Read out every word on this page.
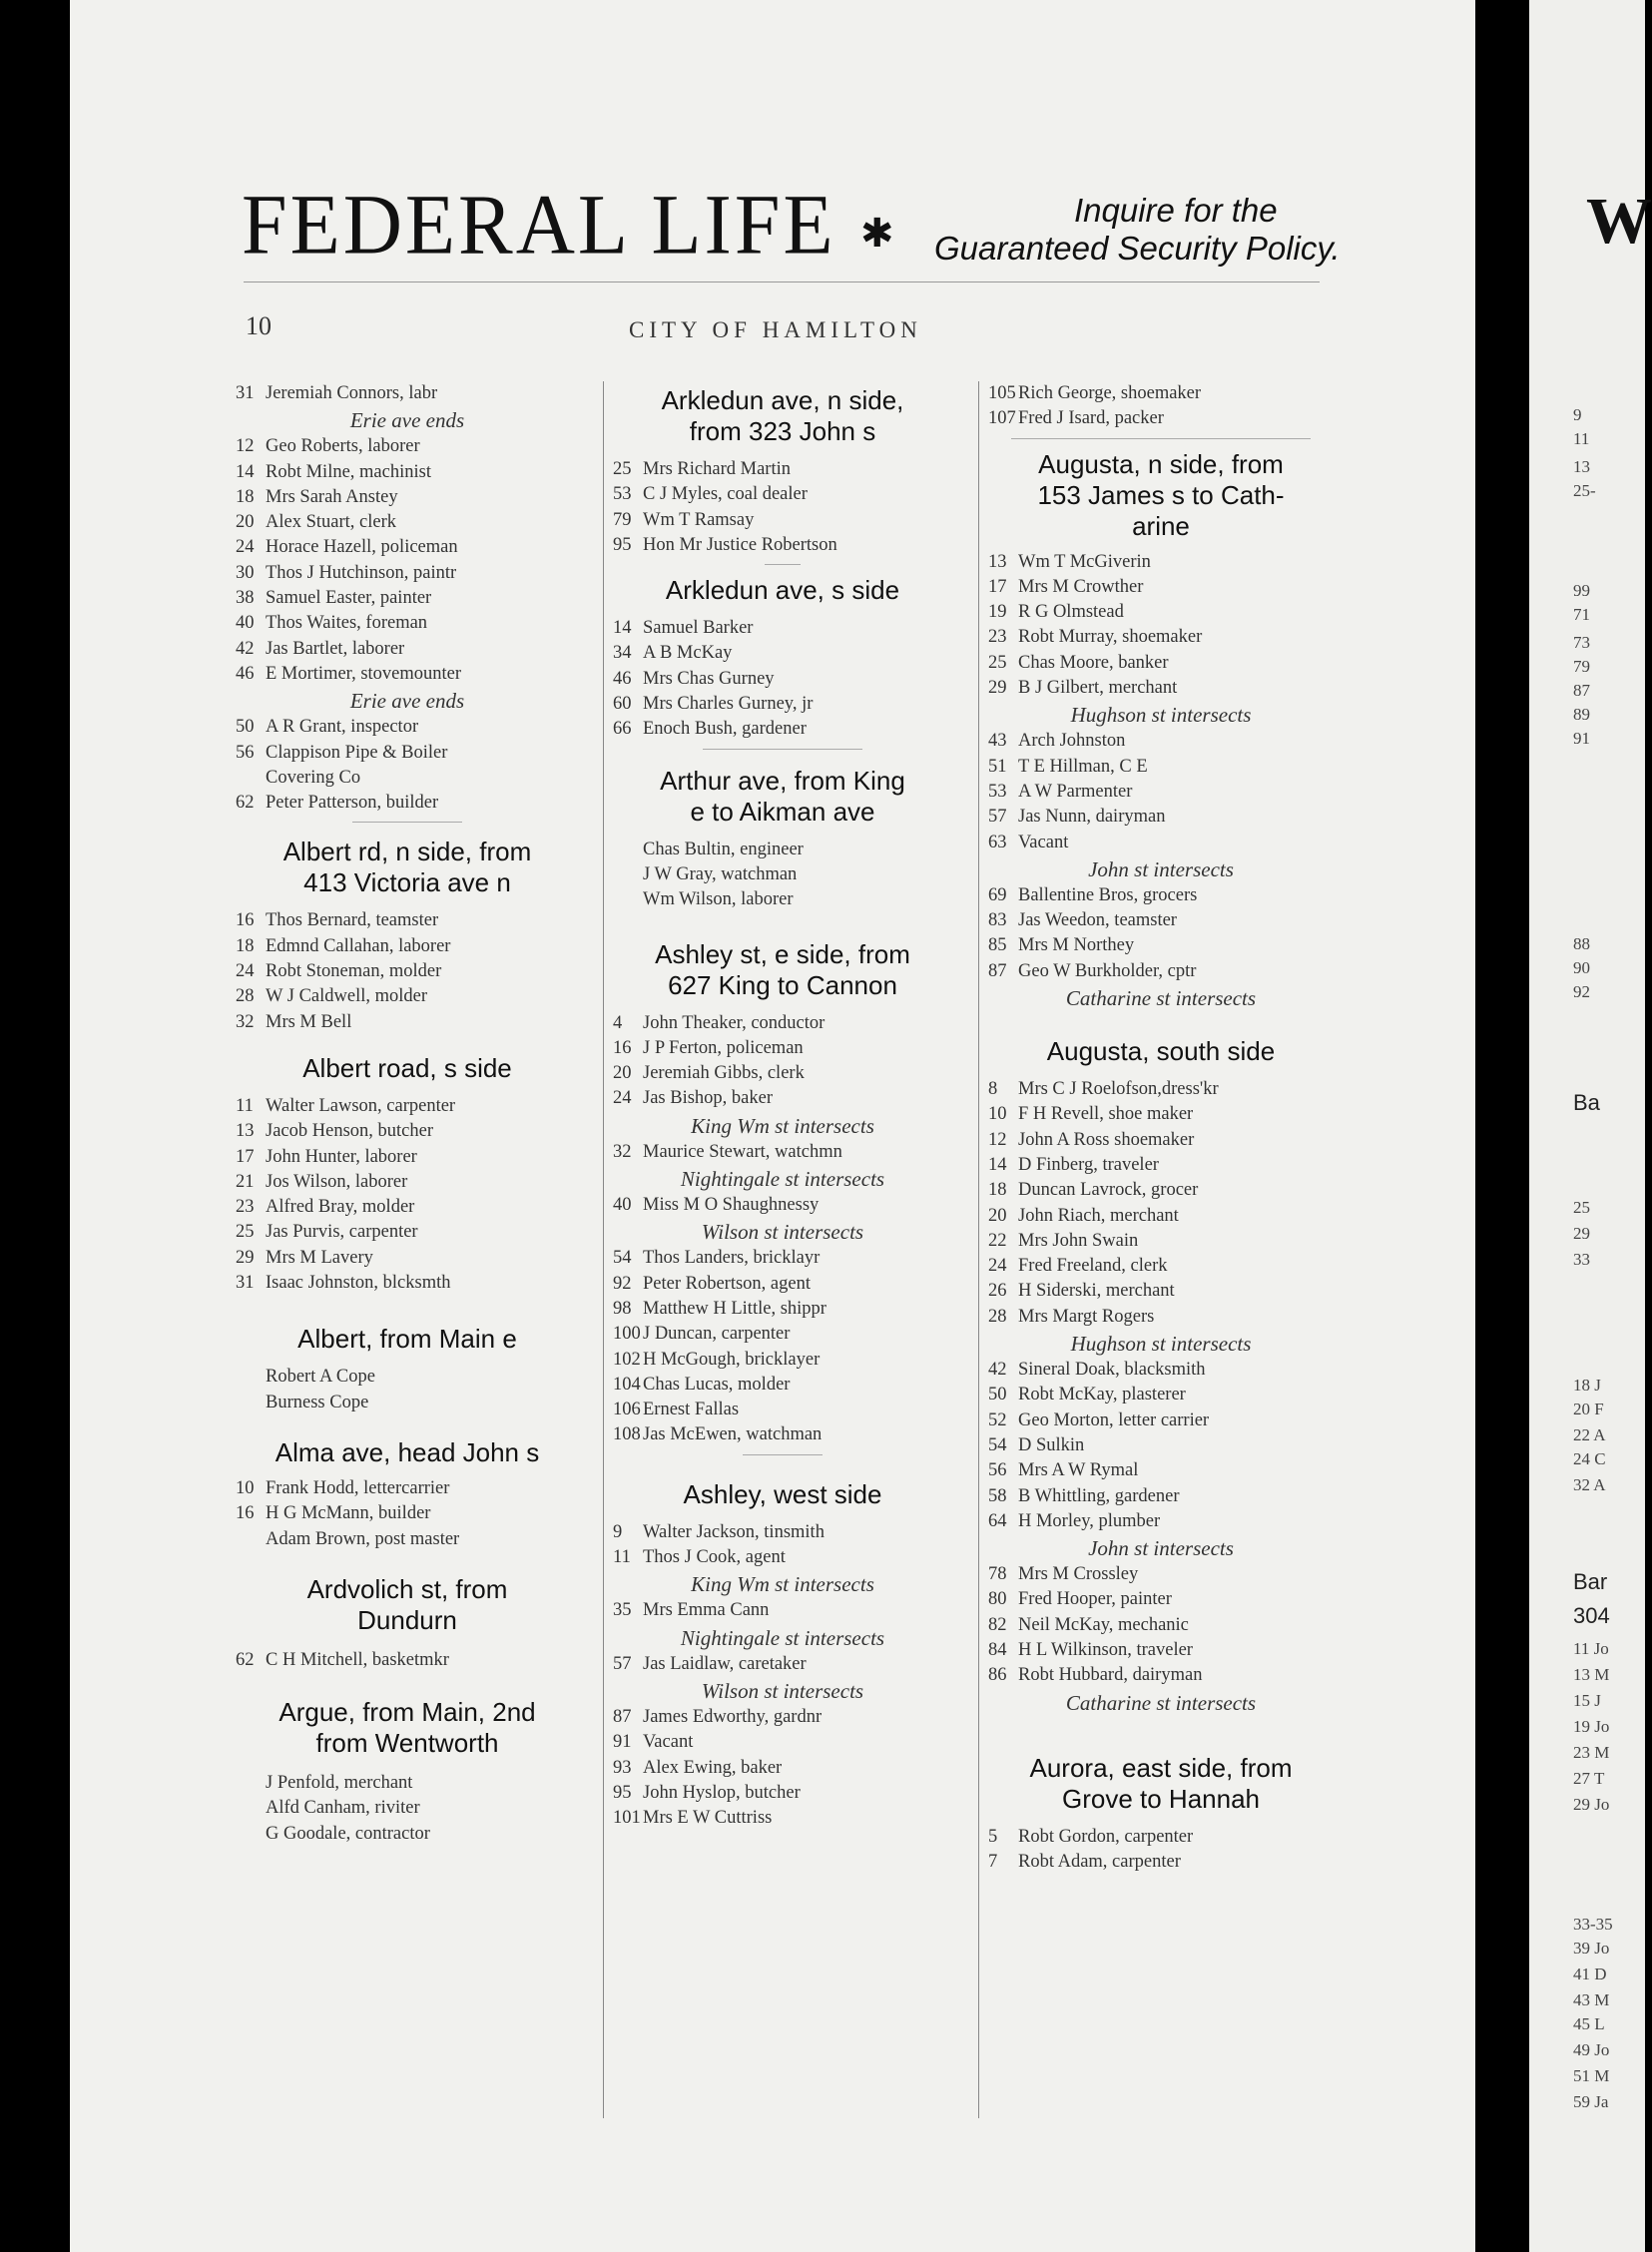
FEDERAL LIFE ✱
Inquire for the
Guaranteed Security Policy.
10	CITY OF HAMILTON
31 Jeremiah Connors, labr
Erie ave ends
12 Geo Roberts, laborer
14 Robt Milne, machinist
18 Mrs Sarah Anstey
20 Alex Stuart, clerk
24 Horace Hazell, policeman
30 Thos J Hutchinson, paintr
38 Samuel Easter, painter
40 Thos Waites, foreman
42 Jas Bartlet, laborer
46 E Mortimer, stovemounter
Erie ave ends
50 A R Grant, inspector
56 Clappison Pipe & Boiler
Covering Co
62 Peter Patterson, builder
Albert rd, n side, from
413 Victoria ave n
16 Thos Bernard, teamster
18 Edmnd Callahan, laborer
24 Robt Stoneman, molder
28 W J Caldwell, molder
32 Mrs M Bell
Albert road, s side
11 Walter Lawson, carpenter
13 Jacob Henson, butcher
17 John Hunter, laborer
21 Jos Wilson, laborer
23 Alfred Bray, molder
25 Jas Purvis, carpenter
29 Mrs M Lavery
31 Isaac Johnston, blcksmth
Albert, from Main e
Robert A Cope
Burness Cope
Alma ave, head John s
10 Frank Hodd, lettercarrier
16 H G McMann, builder
Adam Brown, post master
Ardvolich st, from
Dundurn
62 C H Mitchell, basketmkr
Argue, from Main, 2nd
from Wentworth
J Penfold, merchant
Alfd Canham, riviter
G Goodale, contractor
Arkledun ave, n side,
from 323 John s
25 Mrs Richard Martin
53 C J Myles, coal dealer
79 Wm T Ramsay
95 Hon Mr Justice Robertson
Arkledun ave, s side
14 Samuel Barker
34 A B McKay
46 Mrs Chas Gurney
60 Mrs Charles Gurney, jr
66 Enoch Bush, gardener
Arthur ave, from King
e to Aikman ave
Chas Bultin, engineer
J W Gray, watchman
Wm Wilson, laborer
Ashley st, e side, from
627 King to Cannon
4 John Theaker, conductor
16 J P Ferton, policeman
20 Jeremiah Gibbs, clerk
24 Jas Bishop, baker
King Wm st intersects
32 Maurice Stewart, watchmn
Nightingale st intersects
40 Miss M O Shaughnessy
Wilson st intersects
54 Thos Landers, bricklayr
92 Peter Robertson, agent
98 Matthew H Little, shippr
100 J Duncan, carpenter
102 H McGough, bricklayer
104 Chas Lucas, molder
106 Ernest Fallas
108 Jas McEwen, watchman
Ashley, west side
9 Walter Jackson, tinsmith
11 Thos J Cook, agent
King Wm st intersects
35 Mrs Emma Cann
Nightingale st intersects
57 Jas Laidlaw, caretaker
Wilson st intersects
87 James Edworthy, gardnr
91 Vacant
93 Alex Ewing, baker
95 John Hyslop, butcher
101 Mrs E W Cuttriss
105 Rich George, shoemaker
107 Fred J Isard, packer
Augusta, n side, from
153 James s to Cath-
arine
13 Wm T McGiverin
17 Mrs M Crowther
19 R G Olmstead
23 Robt Murray, shoemaker
25 Chas Moore, banker
29 B J Gilbert, merchant
Hughson st intersects
43 Arch Johnston
51 T E Hillman, C E
53 A W Parmenter
57 Jas Nunn, dairyman
63 Vacant
John st intersects
69 Ballentine Bros, grocers
83 Jas Weedon, teamster
85 Mrs M Northey
87 Geo W Burkholder, cptr
Catharine st intersects
Augusta, south side
8 Mrs C J Roelofson,dress'kr
10 F H Revell, shoe maker
12 John A Ross shoemaker
14 D Finberg, traveler
18 Duncan Lavrock, grocer
20 John Riach, merchant
22 Mrs John Swain
24 Fred Freeland, clerk
26 H Siderski, merchant
28 Mrs Margt Rogers
Hughson st intersects
42 Sineral Doak, blacksmith
50 Robt McKay, plasterer
52 Geo Morton, letter carrier
54 D Sulkin
56 Mrs A W Rymal
58 B Whittling, gardener
64 H Morley, plumber
John st intersects
78 Mrs M Crossley
80 Fred Hooper, painter
82 Neil McKay, mechanic
84 H L Wilkinson, traveler
86 Robt Hubbard, dairyman
Catharine st intersects
Aurora, east side, from
Grove to Hannah
5 Robt Gordon, carpenter
7 Robt Adam, carpenter
W
9
11
13
25-
99
71
73
79
87
89
91
88
90
92
Ba
25
29
33
18 J
20 F
22 A
24 C
32 A
Bar
304
11 Jo
13 M
15 J
19 Jo
23 M
27 T
29 Jo
33-35
39 Jo
41 D
43 M
45 L
49 Jo
51 M
59 Ja
